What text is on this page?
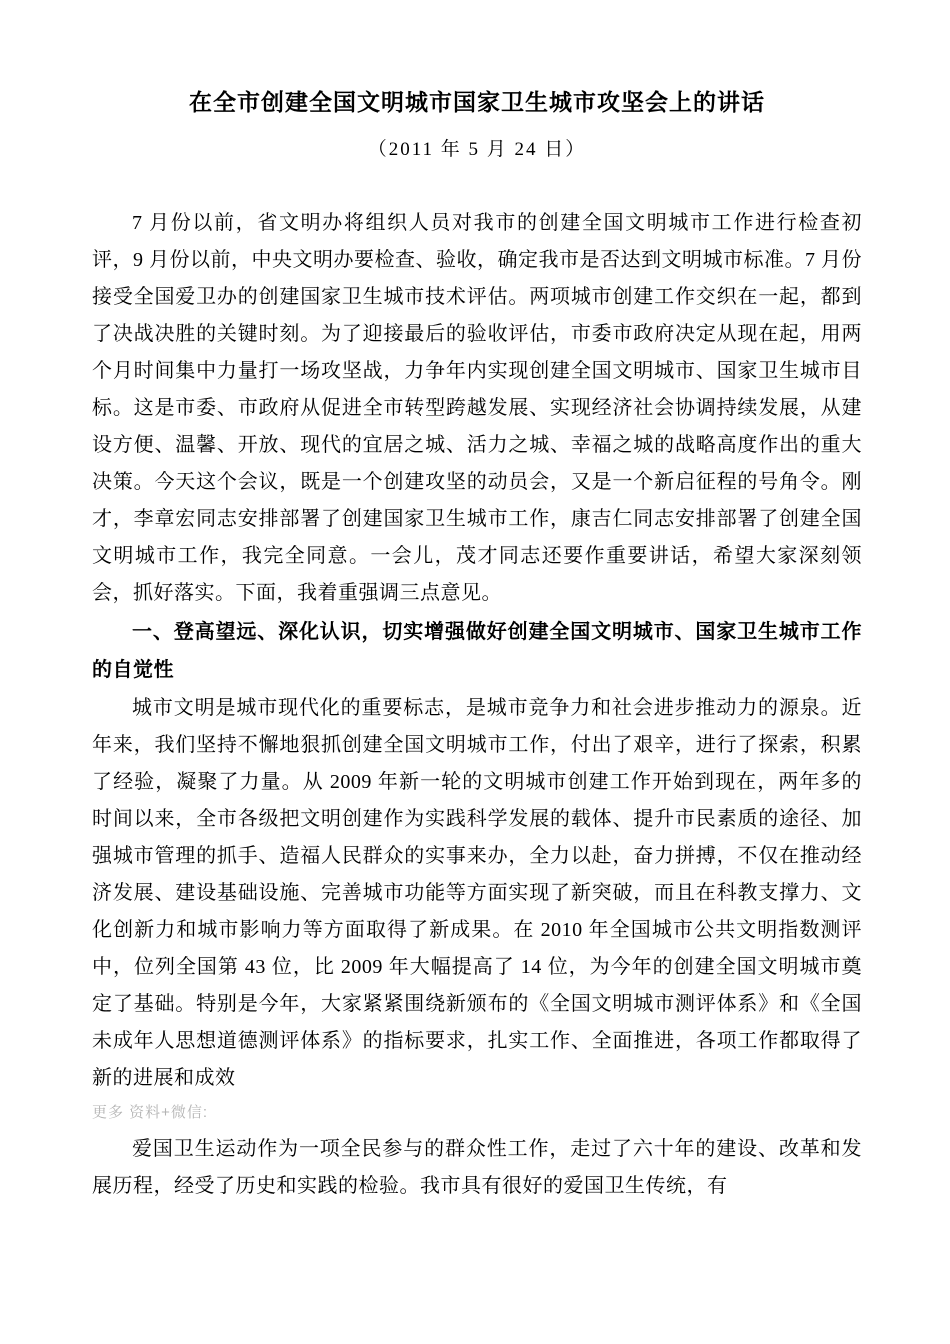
在全市创建全国文明城市国家卫生城市攻坚会上的讲话
（2011 年 5 月 24 日）

7 月份以前，省文明办将组织人员对我市的创建全国文明城市工作进行检查初评，9 月份以前，中央文明办要检查、验收，确定我市是否达到文明城市标准。7 月份接受全国爱卫办的创建国家卫生城市技术评估。两项城市创建工作交织在一起，都到了决战决胜的关键时刻。为了迎接最后的验收评估，市委市政府决定从现在起，用两个月时间集中力量打一场攻坚战，力争年内实现创建全国文明城市、国家卫生城市目标。这是市委、市政府从促进全市转型跨越发展、实现经济社会协调持续发展，从建设方便、温馨、开放、现代的宜居之城、活力之城、幸福之城的战略高度作出的重大决策。今天这个会议，既是一个创建攻坚的动员会，又是一个新启征程的号角令。刚才，李章宏同志安排部署了创建国家卫生城市工作，康吉仁同志安排部署了创建全国文明城市工作，我完全同意。一会儿，茂才同志还要作重要讲话，希望大家深刻领会，抓好落实。下面，我着重强调三点意见。

一、登高望远、深化认识，切实增强做好创建全国文明城市、国家卫生城市工作的自觉性

城市文明是城市现代化的重要标志，是城市竞争力和社会进步推动力的源泉。近年来，我们坚持不懈地狠抓创建全国文明城市工作，付出了艰辛，进行了探索，积累了经验，凝聚了力量。从 2009 年新一轮的文明城市创建工作开始到现在，两年多的时间以来，全市各级把文明创建作为实践科学发展的载体、提升市民素质的途径、加强城市管理的抓手、造福人民群众的实事来办，全力以赴，奋力拼搏，不仅在推动经济发展、建设基础设施、完善城市功能等方面实现了新突破，而且在科教支撑力、文化创新力和城市影响力等方面取得了新成果。在 2010 年全国城市公共文明指数测评中，位列全国第 43 位，比 2009 年大幅提高了 14 位，为今年的创建全国文明城市奠定了基础。特别是今年，大家紧紧围绕新颁布的《全国文明城市测评体系》和《全国未成年人思想道德测评体系》的指标要求，扎实工作、全面推进，各项工作都取得了新的进展和成效

更多 资料+微信:

爱国卫生运动作为一项全民参与的群众性工作，走过了六十年的建设、改革和发展历程，经受了历史和实践的检验。我市具有很好的爱国卫生传统，有
